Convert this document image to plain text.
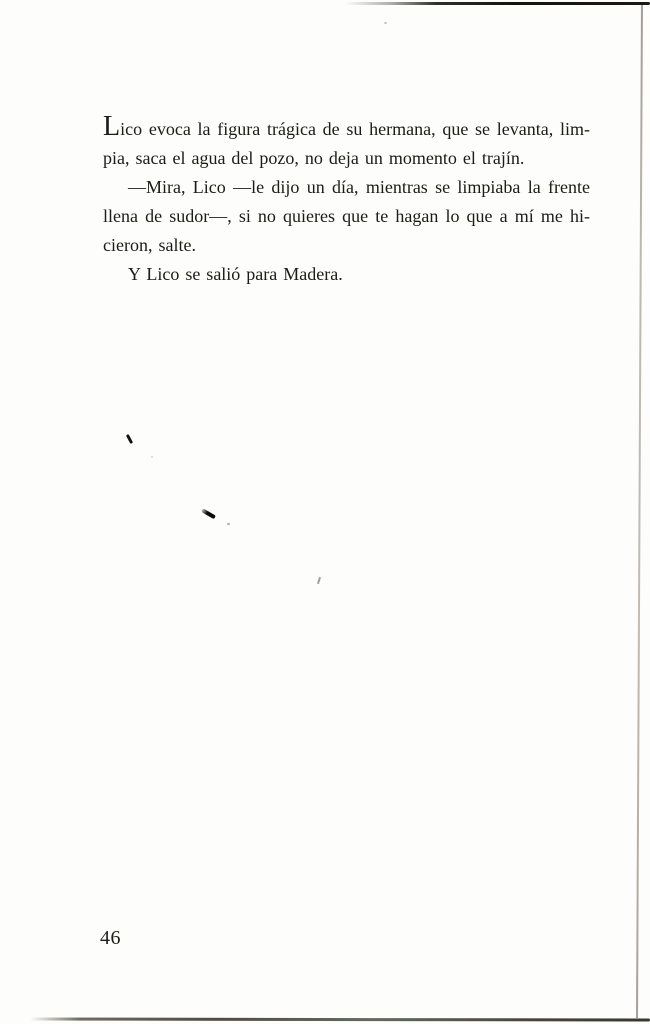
Lico evoca la figura trágica de su hermana, que se levanta, lim-
pia, saca el agua del pozo, no deja un momento el trajín.
—Mira, Lico —le dijo un día, mientras se limpiaba la frente
llena de sudor—, si no quieres que te hagan lo que a mí me hi-
cieron, salte.
Y Lico se salió para Madera.
46
